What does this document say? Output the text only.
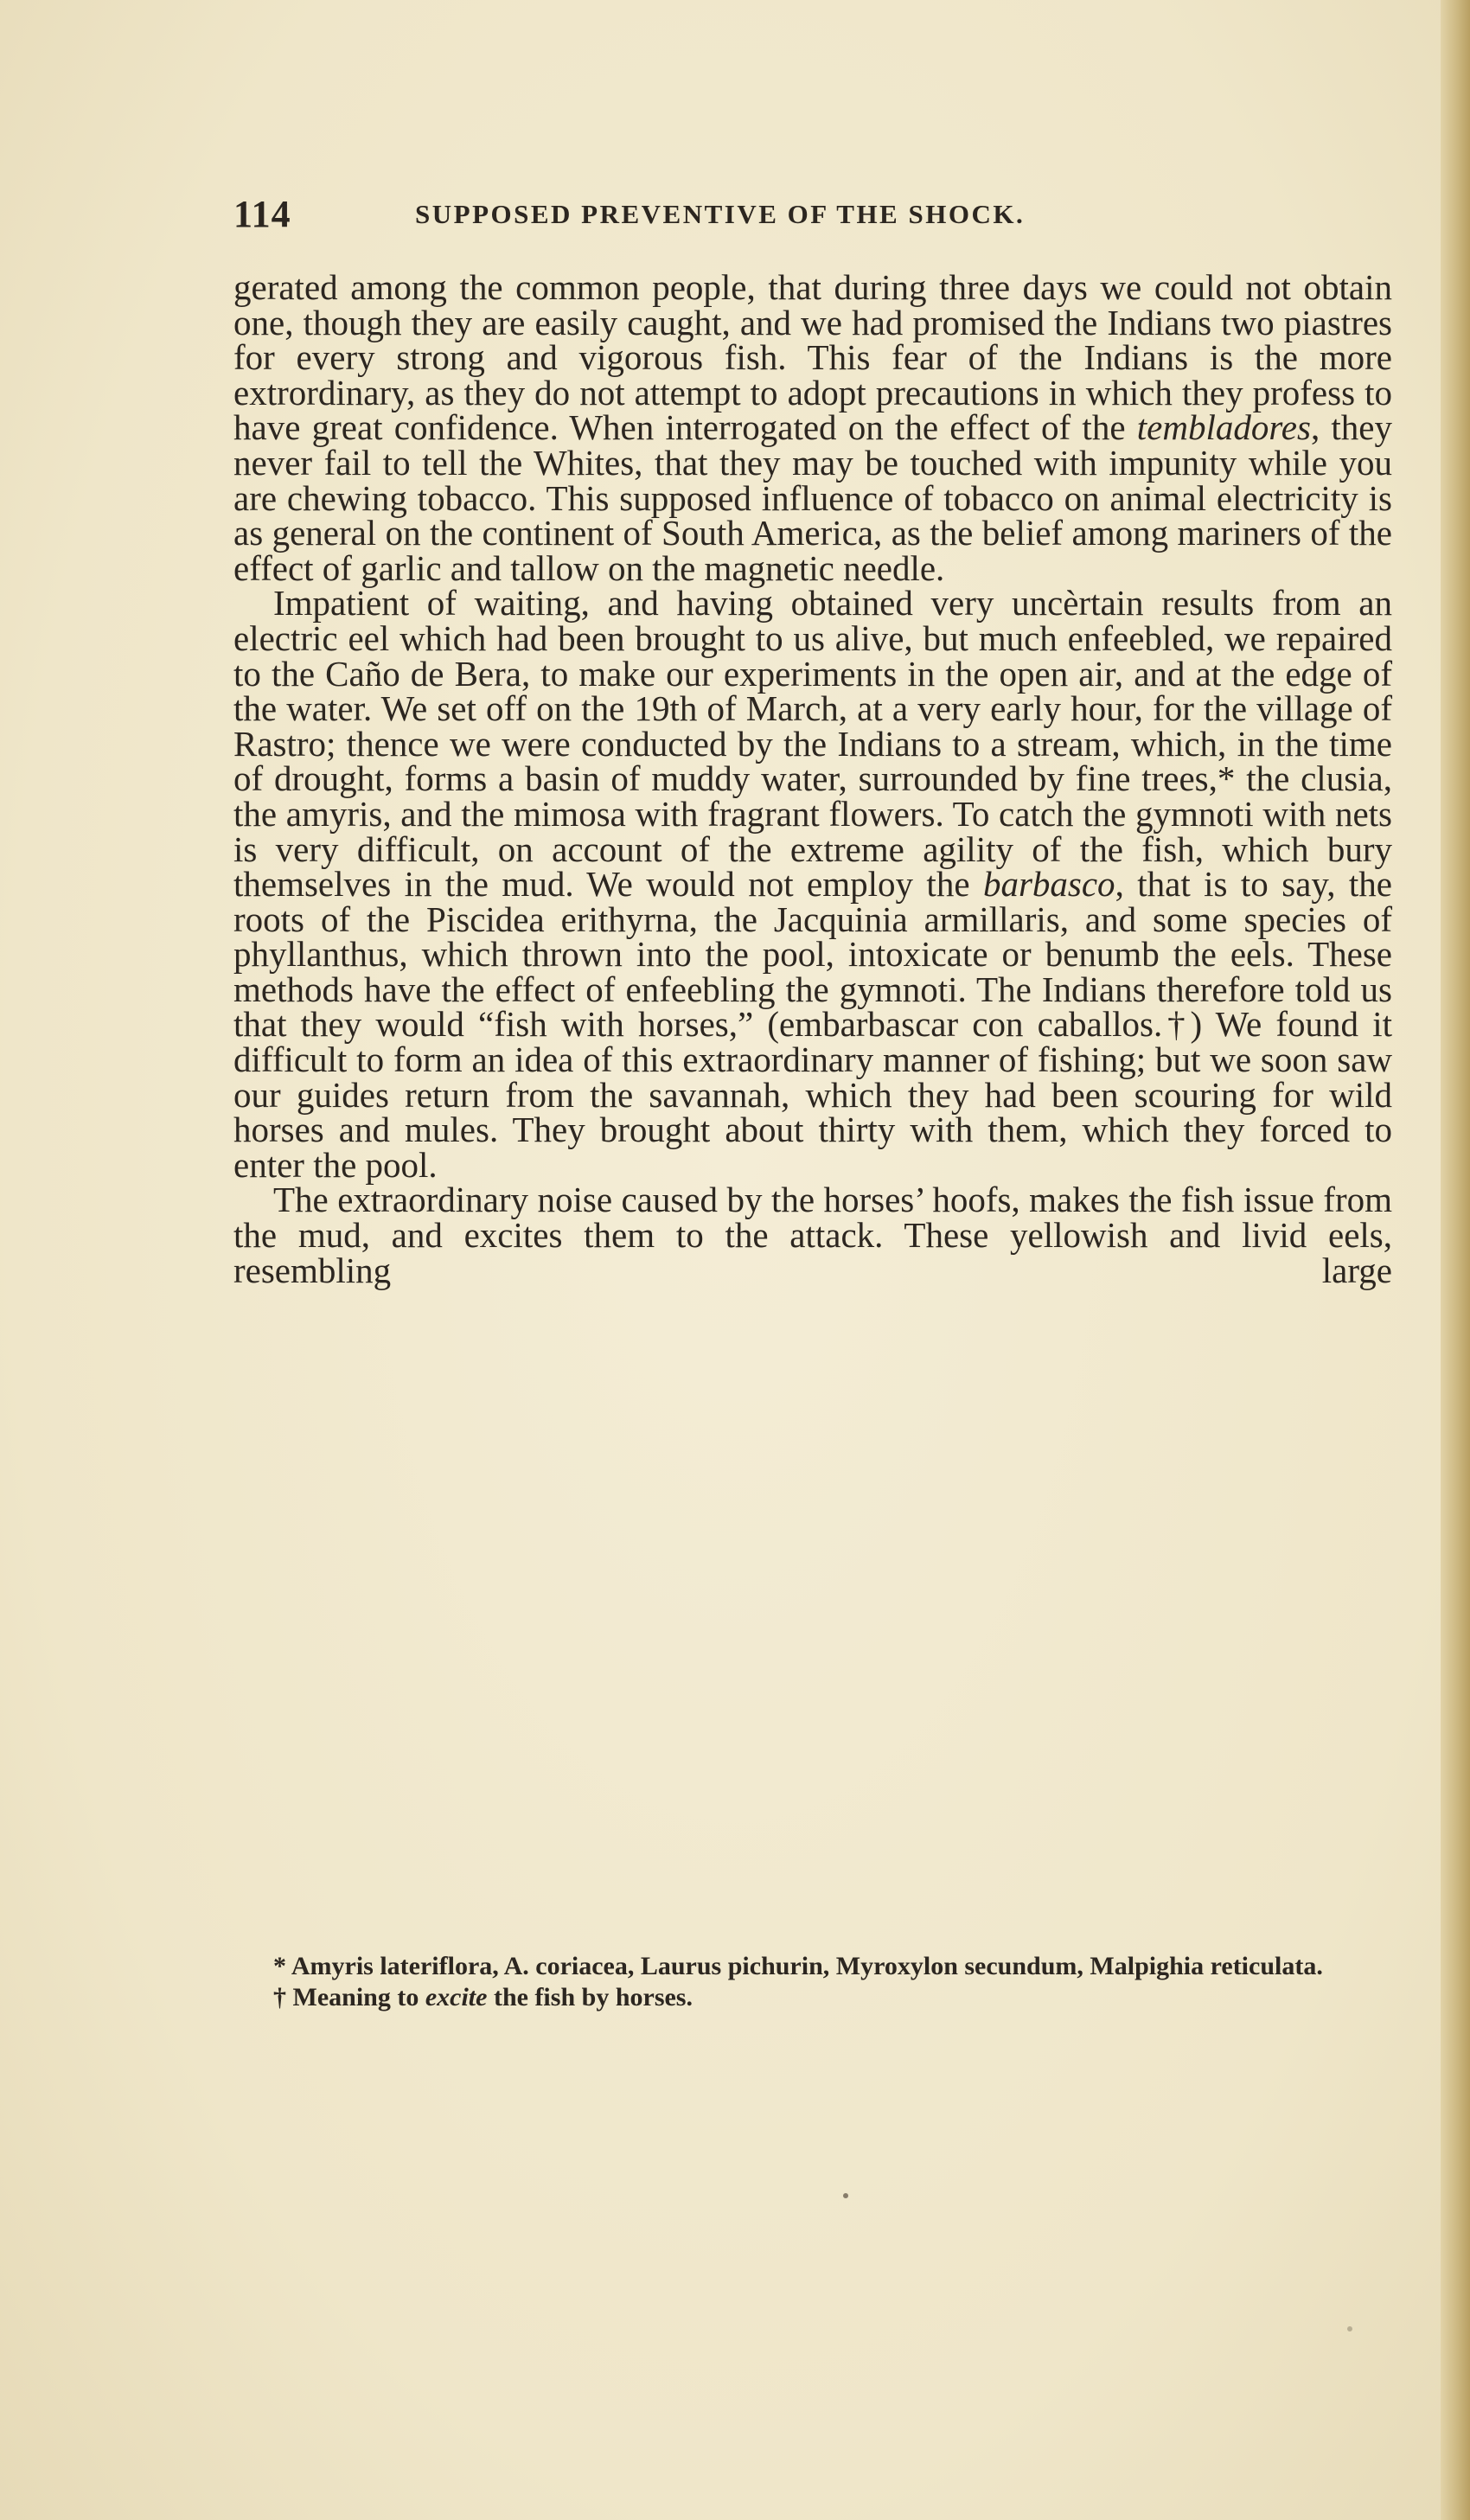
114	SUPPOSED PREVENTIVE OF THE SHOCK.

gerated among the common people, that during three days we could not obtain one, though they are easily caught, and we had promised the Indians two piastres for every strong and vigorous fish. This fear of the Indians is the more extrordinary, as they do not attempt to adopt precautions in which they profess to have great confidence. When interrogated on the effect of the tembladores, they never fail to tell the Whites, that they may be touched with impunity while you are chewing tobacco. This supposed influence of tobacco on animal electricity is as general on the continent of South America, as the belief among mariners of the effect of garlic and tallow on the magnetic needle.

Impatient of waiting, and having obtained very uncèrtain results from an electric eel which had been brought to us alive, but much enfeebled, we repaired to the Caño de Bera, to make our experiments in the open air, and at the edge of the water. We set off on the 19th of March, at a very early hour, for the village of Rastro; thence we were conducted by the Indians to a stream, which, in the time of drought, forms a basin of muddy water, surrounded by fine trees,* the clusia, the amyris, and the mimosa with fragrant flowers. To catch the gymnoti with nets is very difficult, on account of the extreme agility of the fish, which bury themselves in the mud. We would not employ the barbasco, that is to say, the roots of the Piscidea erithyrna, the Jacquinia armillaris, and some species of phyllanthus, which thrown into the pool, intoxicate or benumb the eels. These methods have the effect of enfeebling the gymnoti. The Indians therefore told us that they would “fish with horses,” (embarbascar con caballos.†) We found it difficult to form an idea of this extraordinary manner of fishing; but we soon saw our guides return from the savannah, which they had been scouring for wild horses and mules. They brought about thirty with them, which they forced to enter the pool.

The extraordinary noise caused by the horses’ hoofs, makes the fish issue from the mud, and excites them to the attack. These yellowish and livid eels, resembling large

* Amyris lateriflora, A. coriacea, Laurus pichurin, Myroxylon secundum, Malpighia reticulata.

† Meaning to excite the fish by horses.
